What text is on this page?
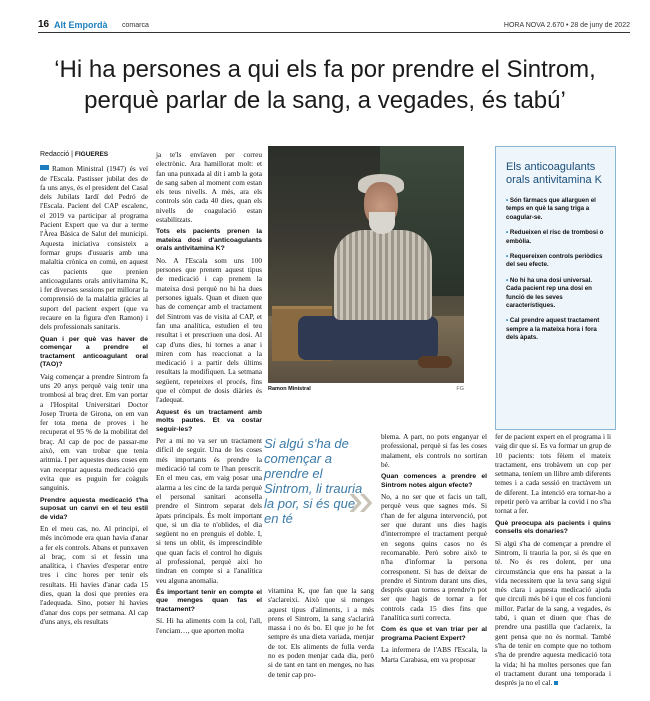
16 Alt Empordà comarca	HORA NOVA 2.670 • 28 de juny de 2022
‘Hi ha persones a qui els fa por prendre el Sintrom,
perquè parlar de la sang, a vegades, és tabú’
Redacció | FIGUERES

Ramon Ministral (1947) és veí de l'Escala. Pastisser jubilat des de fa uns anys, és el president del Casal dels Jubilats Iardí del Pedró de l'Escala. Pacient del CAP escalenc, el 2019 va participar al programa Pacient Expert que va dur a terme l'Àrea Bàsica de Salut del municipi. Aquesta iniciativa consisteix a formar grups d'usuaris amb una malaltia crònica en comú, en aquest cas pacients que prenien anticoagulants orals antivitamina K, i fer diverses sessions per millorar la comprensió de la malaltia gràcies al suport del pacient expert (que va recaure en la figura d'en Ramon) i dels professionals sanitaris.

Quan i per què vas haver de començar a prendre el tractament anticoagulant oral (TAO)?

Vaig començar a prendre Sintrom fa uns 20 anys perquè vaig tenir una trombosi al braç dret. Em van portar a l'Hospital Universitari Doctor Josep Trueta de Girona, on em van fer tota mena de proves i he recuperat el 95 % de la mobilitat del braç. Al cap de poc de passar-me això, em van trobar que tenia aritmia. I per aquestes dues coses em van receptar aquesta medicació que evita que es puguin fer coàguls sanguinis.

Prendre aquesta medicació t'ha suposat un canvi en el teu estil de vida?

En el meu cas, no. Al principi, el més incòmode era quan havia d'anar a fer els controls. Abans et punxaven al braç, com si et fessin una analítica, i t'havies d'esperar entre tres i cinc hores per tenir els resultats. Hi havies d'anar cada 15 dies, quan la dosi que prenies era l'adequada. Sino, potser hi havies d'anar dos cops per setmana. Al cap d'uns anys, els resultats

ja te'ls envïaven per correu electrònic. Ara hamillorat molt: et fan una punxada al dit i amb la gota de sang saben al moment com estan els teus nivells. A més, ara els controls són cada 40 dies, quan els nivells de coagulació estan estabilitzats.

Tots els pacients prenen la mateixa dosi d'anticoagulants orals antivitamina K?

No. A l'Escala som uns 100 persones que prenem aquest tipus de medicació i cap prenem la mateixa dosi perquè no hi ha dues persones iguals. Quan et diuen que has de començar amb el tractament del Sintrom vas de visita al CAP, et fan una analítica, estudien el teu resultat i et prescriuen una dosi. Al cap d'uns dies, hi tornes a anar i miren com has reaccionat a la medicació i a partir dels últims resultats la modifiquen. La setmana següent, repeteixes el procés, fins que el còmput de dosis diàries és l'adequat.

Aquest és un tractament amb molts pautes. Et va costar seguir-les?

Per a mi no va ser un tractament difícil de seguir. Una de les coses més importants és prendre la medicació tal com te l'han prescrit. En el meu cas, em vaig posar una alarma a les cinc de la tarda perquè el personal sanitari aconsella prendre el Sintrom separat dels àpats principals. És molt important que, si un dia te n'oblides, el dia següent no en prenguis el doble. I, si tens un oblit, és imprescindible que quan facis el control ho diguis al professional, perquè així ho tindran en compte si a l'analítica veu alguna anomalia.

És important tenir en compte el que menges quan fas el tractament?

Sí. Hi ha aliments com la col, l'all, l'enciam…, que aporten molta

Ramon Ministral	FG
Si algú s'ha de començar a prendre el Sintrom, li trauria la por, si és que en té »

vitamina K, que fan que la sang s'aclareixi. Això que si menges aquest tipus d'aliments, i a més prens el Sintrom, la sang s'aclarirà massa i no és bo. El que jo he fet sempre és una dieta variada, menjar de tot. Els aliments de fulla verda no es poden menjar cada dia, però si de tant en tant en menges, no has de tenir cap pro-

blema. A part, no pots enganyar el professional, perquè si fas les coses malament, els controls no sortiran bé.

Quan comences a prendre el Sintrom notes algun efecte?

No, a no ser que et facis un tall, perquè veus que sagnes més. Si t'han de fer alguna intervenció, pot ser que durant uns dies hagis d'interrompre el tractament perquè en segons quins casos no és recomanable. Però sobre això te n'ha d'informar la persona corresponent. Si has de deixar de prendre el Sintrom durant uns dies, després quan tornes a prendre'n pot ser que hagis de tornar a fer controls cada 15 dies fins que l'analítica surti correcta.

Com és que et van triar per al programa Pacient Expert?

La infermera de l'ABS l'Escala, la Marta Carabasa, em va proposar

Els anticoagulants orals antivitamina K
• Són fàrmacs que allarguen el temps en què la sang triga a coagular-se.
• Redueixen el risc de trombosi o embòlia.
• Requereixen controls periòdics del seu efecte.
• No hi ha una dosi universal. Cada pacient rep una dosi en funció de les seves característiques.
• Cal prendre aquest tractament sempre a la mateixa hora i fora dels àpats.

fer de pacient expert en el programa i li vaig dir que sí. Es va formar un grup de 10 pacients: tots fèiem el mateix tractament, ens trobàvem un cop per setmana, teníem un llibre amb diferents temes i a cada sessió en tractàvem un de diferent. La intenció era tornar-ho a repetir però va arribar la covid i no s'ha tornat a fer.

Què preocupa als pacients i quins consells els donaries?

Si algú s'ha de començar a prendre el Sintrom, li trauria la por, si és que en té. No és res dolent, per una circumstància que ens ha passat a la vida necessitem que la teva sang sigui més clara i aquesta medicació ajuda que circuli més bé i que el cos funcioni millor. Parlar de la sang, a vegades, és tabú, i quan et diuen que t'has de prendre una pastilla que t'aclareix, la gent pensa que no és normal. També s'ha de tenir en compte que no tothom s'ha de prendre aquesta medicació tota la vida; hi ha moltes persones que fan el tractament durant una temporada i després ja no el cal.
